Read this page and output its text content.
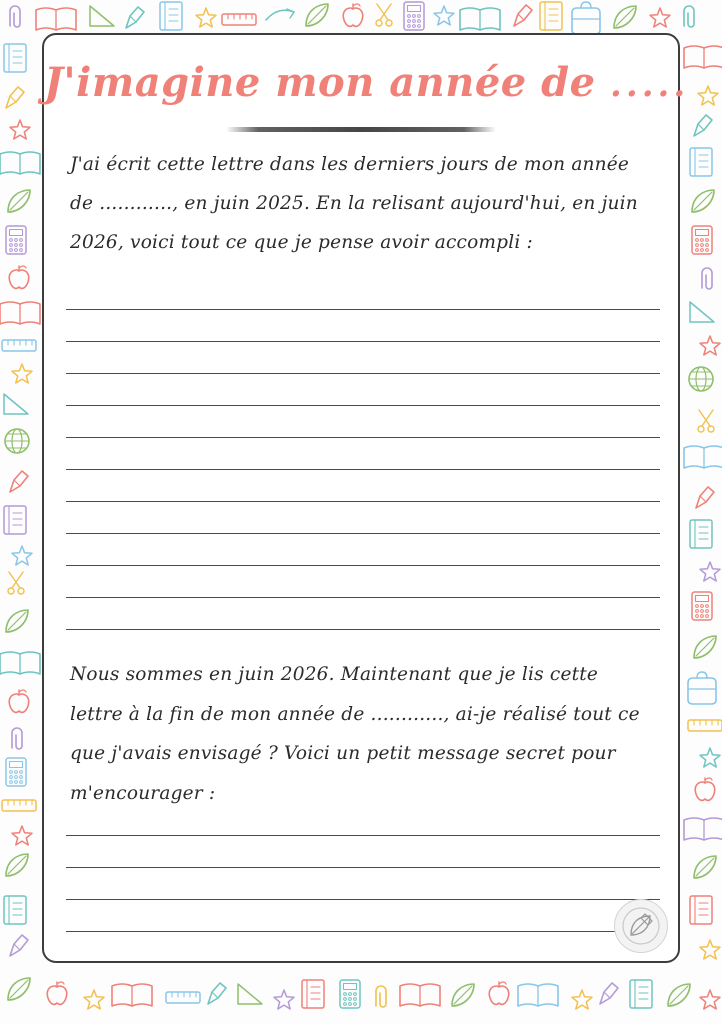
J'imagine mon année de .....
J'ai écrit cette lettre dans les derniers jours de mon année de ............, en juin 2025. En la relisant aujourd'hui, en juin 2026, voici tout ce que je pense avoir accompli :
Nous sommes en juin 2026. Maintenant que je lis cette lettre à la fin de mon année de ............, ai-je réalisé tout ce que j'avais envisagé ? Voici un petit message secret pour m'encourager :
